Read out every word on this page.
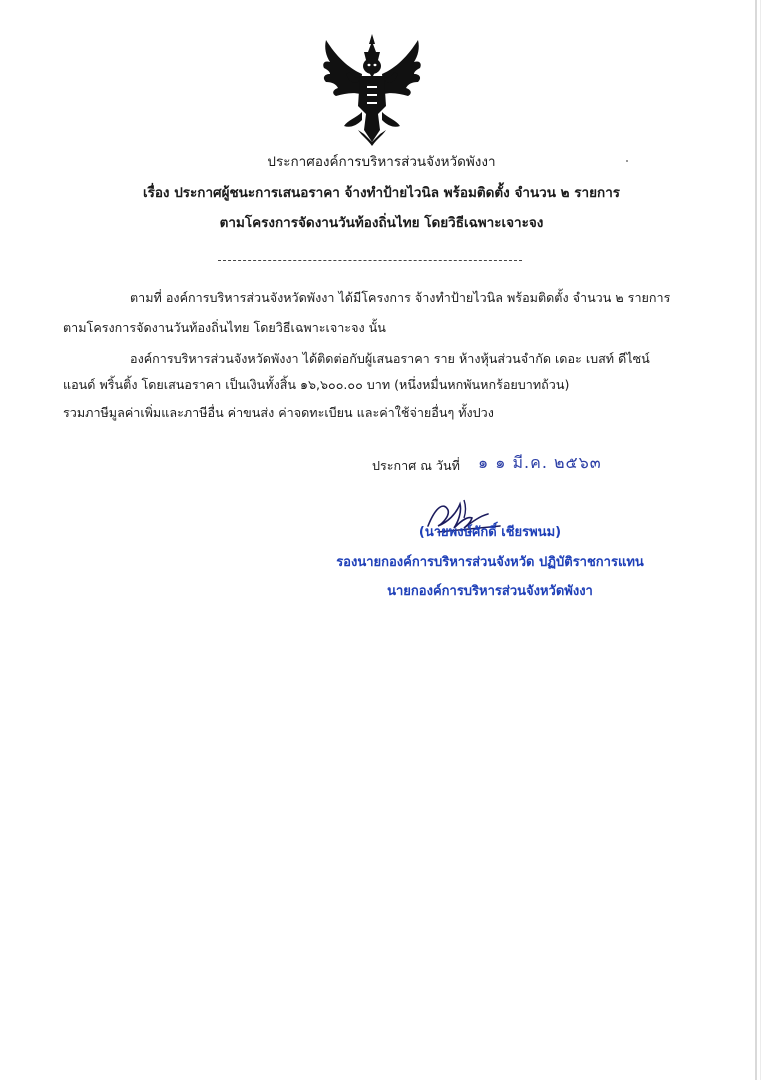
ประกาศองค์การบริหารส่วนจังหวัดพังงา
เรื่อง ประกาศผู้ชนะการเสนอราคา จ้างทำป้ายไวนิล พร้อมติดตั้ง จำนวน ๒ รายการ
ตามโครงการจัดงานวันท้องถิ่นไทย โดยวิธีเฉพาะเจาะจง
ตามที่ องค์การบริหารส่วนจังหวัดพังงา ได้มีโครงการ จ้างทำป้ายไวนิล พร้อมติดตั้ง จำนวน ๒ รายการ
ตามโครงการจัดงานวันท้องถิ่นไทย โดยวิธีเฉพาะเจาะจง นั้น
องค์การบริหารส่วนจังหวัดพังงา ได้ติดต่อกับผู้เสนอราคา ราย ห้างหุ้นส่วนจำกัด เดอะ เบสท์ ดีไซน์
แอนด์ พริ้นติ้ง โดยเสนอราคา เป็นเงินทั้งสิ้น ๑๖,๖๐๐.๐๐ บาท (หนึ่งหมื่นหกพันหกร้อยบาทถ้วน)
รวมภาษีมูลค่าเพิ่มและภาษีอื่น ค่าขนส่ง ค่าจดทะเบียน และค่าใช้จ่ายอื่นๆ ทั้งปวง
ประกาศ ณ วันที่ ๑ ๑ มี.ค. ๒๕๖๓
(นายพงษ์ศักดิ์ เชียรพนม)
รองนายกองค์การบริหารส่วนจังหวัด ปฏิบัติราชการแทน
นายกองค์การบริหารส่วนจังหวัดพังงา
